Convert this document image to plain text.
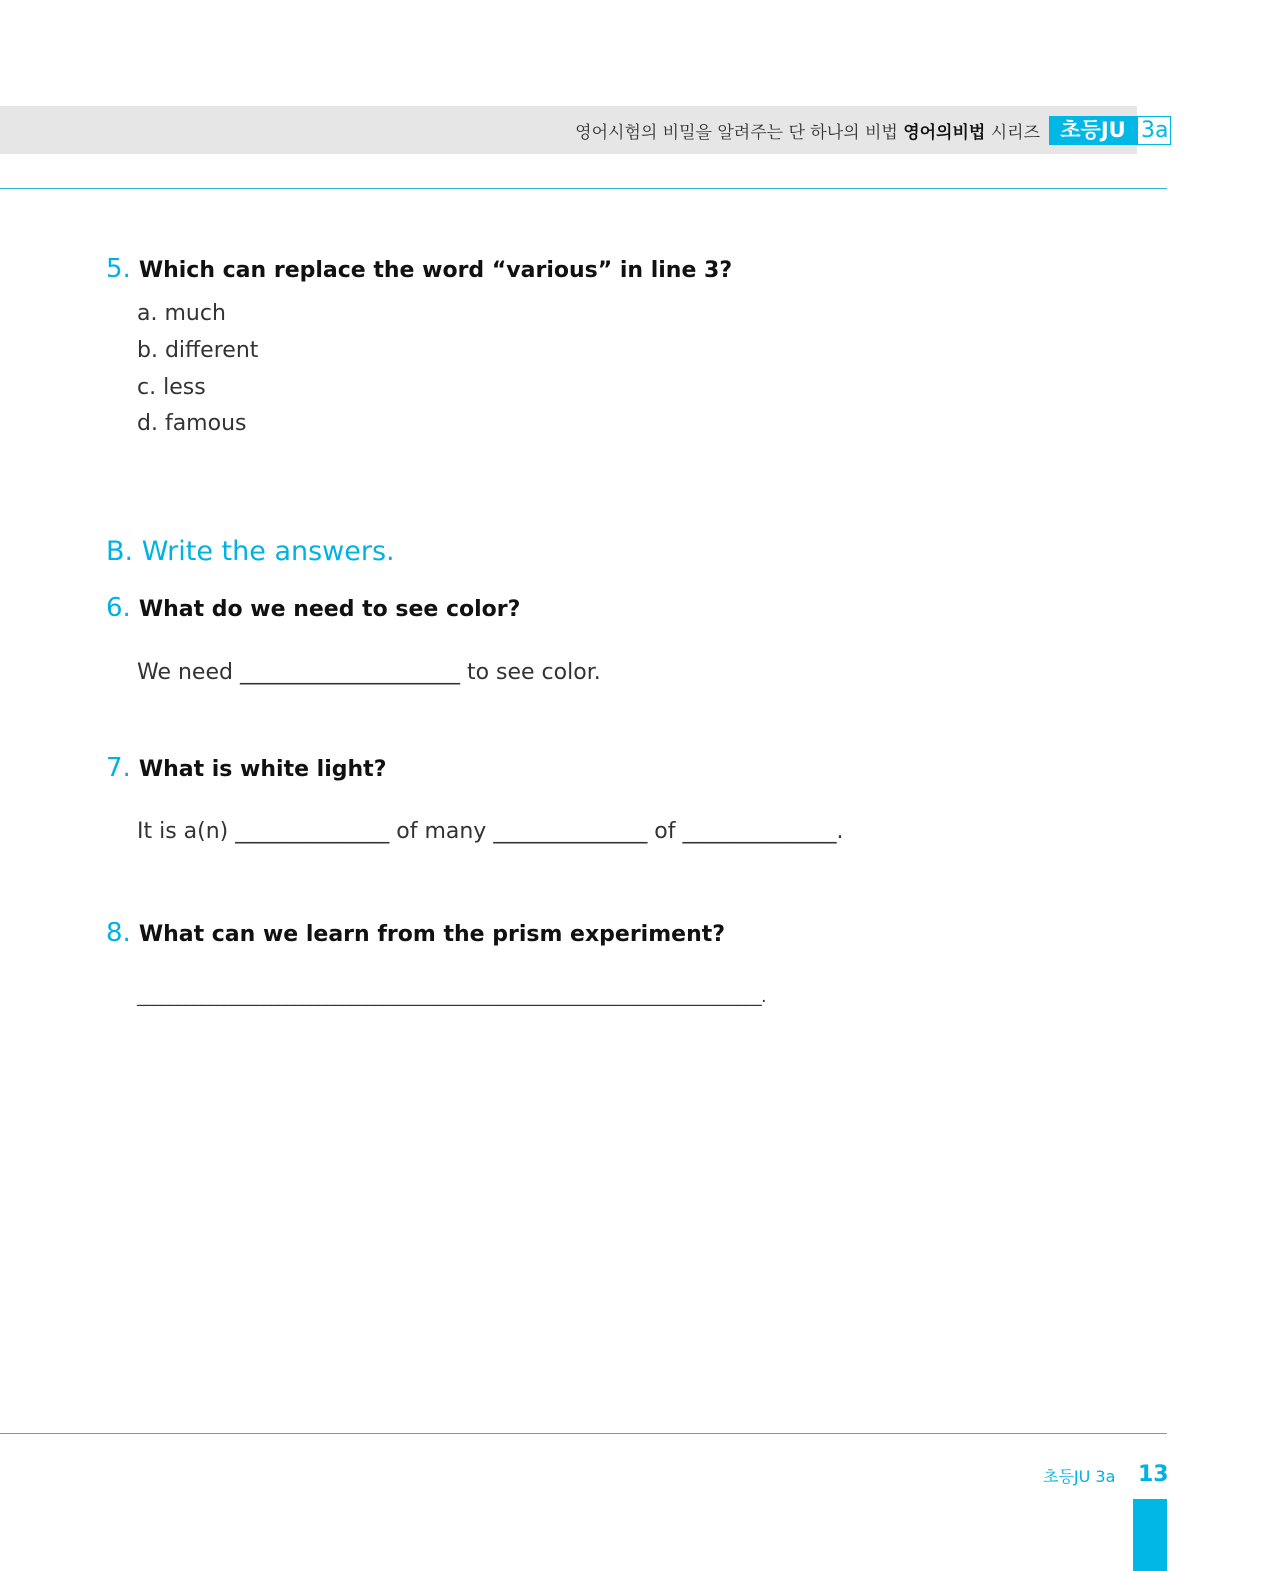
영어시험의 비밀을 알려주는 단 하나의 비법 영어의비법 시리즈 초등JU 3a
5. Which can replace the word “various” in line 3?
a. much
b. different
c. less
d. famous
B. Write the answers.
6. What do we need to see color?
We need ____________________ to see color.
7. What is white light?
It is a(n) ______________ of many ______________ of ______________.
8. What can we learn from the prism experiment?
_______________________________________________________________________________.
초등JU 3a 13
